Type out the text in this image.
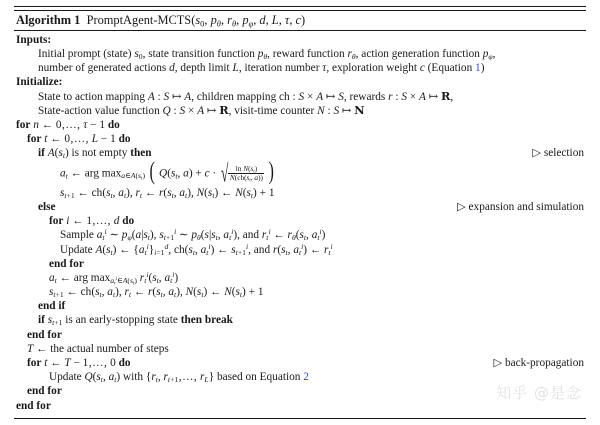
Algorithm 1  PromptAgent-$MCTS(s_0$, $p_\theta$, $r_\theta$, $p_\varphi$, d, L, τ, c)
Inputs:
Initial prompt (state) $s_0$, state transition function $p_\theta$, reward function $r_\theta$, action generation function $p_\varphi$,
number of generated actions d, depth limit L, iteration number τ, exploration weight c (Equation 1)
Initialize:
State to action mapping A : S ↦ A, children mapping ch : S × A ↦ S, rewards r : S × A ↦ R,
State-action value function Q : S × A ↦ R, visit-time counter N : S ↦ N
for n ← 0,…, τ − 1 do
for t ← 0,…, L − 1 do
if $A(s_t)$ is not empty then	▷ selection
$a_t$ ← arg $\max_{a\in A(s_t)}$ ( $Q(s_t$, a) + c · √ $\frac{\ln N(s_t)}{N(ch(s_t, a))}$ )
$s_{t+1}$ ← $ch(s_t$, $a_t$), $r_t$ ← $r(s_t$, $a_t$), $N(s_t)$ ← $N(s_t) + 1$
else	▷ expansion and simulation
for i ← 1,…, d do
Sample $a_t^i$ ∼ $p_\varphi(a|s_t)$, $s_{t+1}^i$ ∼ $p_\theta(s|s_t$, $a_t^i$), and $r_t^i$ ← $r_\theta(s_t$, $a_t^i$)
Update $A(s_t)$ ← $\{a_t^i\}_{i=1}^d$, $ch(s_t$, $a_t^i$) ← $s_{t+1}^i$, and $r(s_t$, $a_t^i$) ← $r_t^i$
end for
$a_t$ ← arg $\max_{a_t^i\in A(s_t)} r_t^i(s_t$, $a_t^i$)
$s_{t+1}$ ← $ch(s_t$, $a_t$), $r_t$ ← $r(s_t$, $a_t$), $N(s_t)$ ← $N(s_t) + 1$
end if
if $s_{t+1}$ is an early-stopping state then break
end for
T ← the actual number of steps
for t ← T − 1,…, 0 do	▷ back-propagation
Update $Q(s_t$, $a_t$) with {$r_t$, $r_{t+1},\dots$, $r_L$} based on Equation 2
end for
end for
知乎 @是念
